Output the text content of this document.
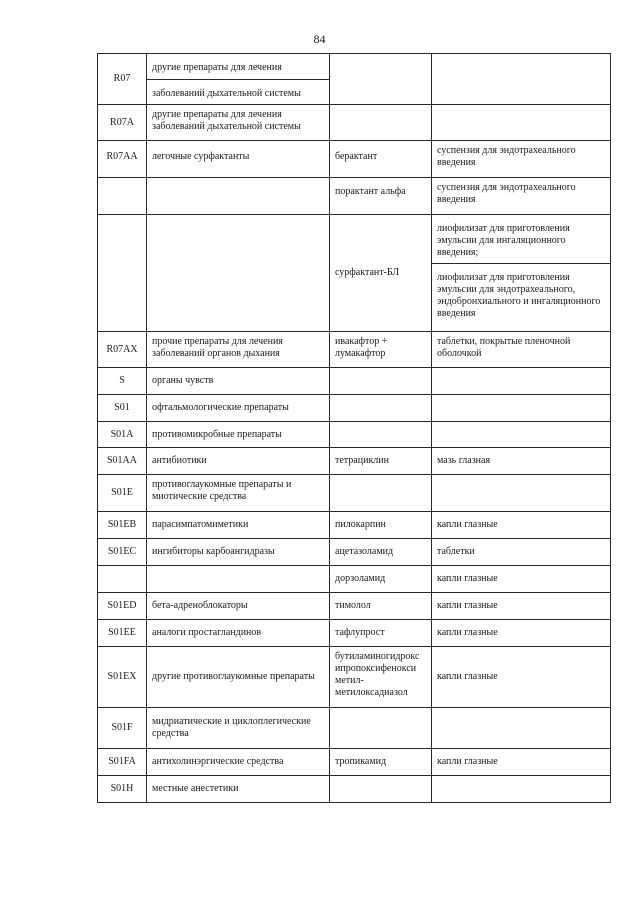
84
R07	другие препараты для лечения		
	заболеваний дыхательной системы		
R07A	другие препараты для лечения заболеваний дыхательной системы		
R07AA	легочные сурфактанты	берактант	суспензия для эндотрахеального введения
		порактант альфа	суспензия для эндотрахеального введения
		сурфактант-БЛ	лиофилизат для приготовления эмульсии для ингаляционного введения;
			лиофилизат для приготовления эмульсии для эндотрахеального, эндобронхиального и ингаляционного введения
R07AX	прочие препараты для лечения заболеваний органов дыхания	ивакафтор + лумакафтор	таблетки, покрытые пленочной оболочкой
S	органы чувств		
S01	офтальмологические препараты		
S01A	противомикробные препараты		
S01AA	антибиотики	тетрациклин	мазь глазная
S01E	противоглаукомные препараты и миотические средства		
S01EB	парасимпатомиметики	пилокарпин	капли глазные
S01EC	ингибиторы карбоангидразы	ацетазоламид	таблетки
		дорзоламид	капли глазные
S01ED	бета-адреноблокаторы	тимолол	капли глазные
S01EE	аналоги простагландинов	тафлупрост	капли глазные
S01EX	другие противоглаукомные препараты	бутиламиногидрокс ипропоксифенокси метил-метилоксадиазол	капли глазные
S01F	мидриатические и циклоплегические средства		
S01FA	антихолинэргические средства	тропикамид	капли глазные
S01H	местные анестетики		
